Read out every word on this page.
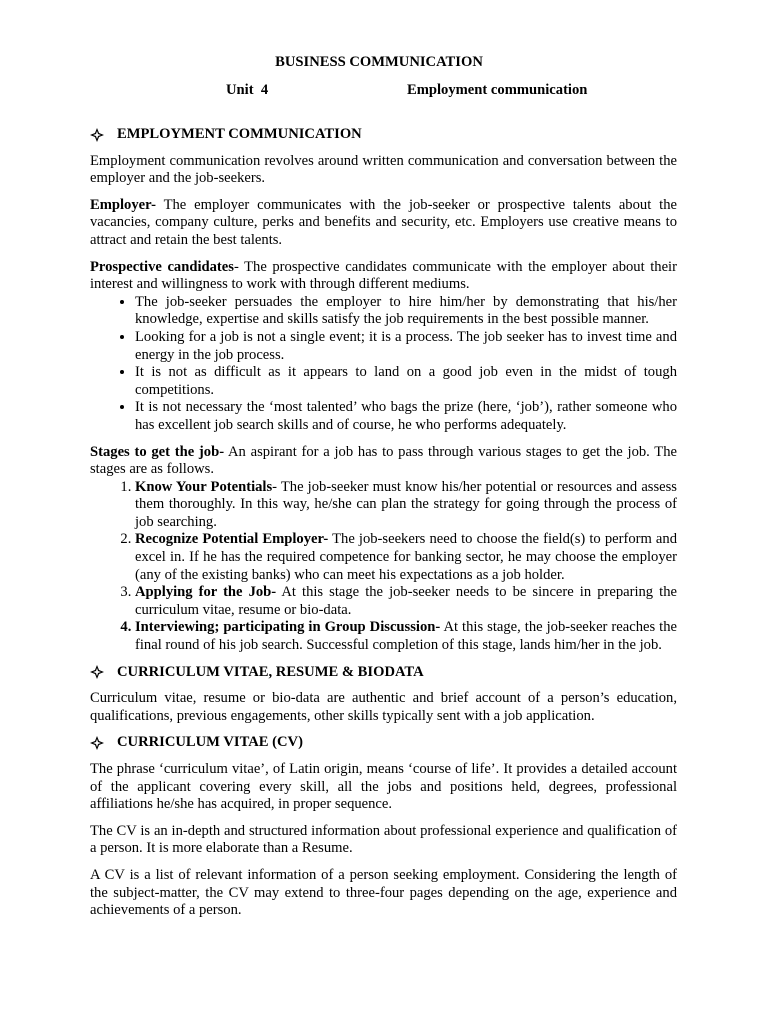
BUSINESS COMMUNICATION
Unit  4	Employment communication
EMPLOYMENT COMMUNICATION

Employment communication revolves around written communication and conversation between the employer and the job-seekers.

Employer- The employer communicates with the job-seeker or prospective talents about the vacancies, company culture, perks and benefits and security, etc. Employers use creative means to attract and retain the best talents.

Prospective candidates- The prospective candidates communicate with the employer about their interest and willingness to work with through different mediums.

• The job-seeker persuades the employer to hire him/her by demonstrating that his/her knowledge, expertise and skills satisfy the job requirements in the best possible manner.
• Looking for a job is not a single event; it is a process. The job seeker has to invest time and energy in the job process.
• It is not as difficult as it appears to land on a good job even in the midst of tough competitions.
• It is not necessary the ‘most talented’ who bags the prize (here, ‘job’), rather someone who has excellent job search skills and of course, he who performs adequately.

Stages to get the job- An aspirant for a job has to pass through various stages to get the job. The stages are as follows.

1. Know Your Potentials- The job-seeker must know his/her potential or resources and assess them thoroughly. In this way, he/she can plan the strategy for going through the process of job searching.
2. Recognize Potential Employer- The job-seekers need to choose the field(s) to perform and excel in. If he has the required competence for banking sector, he may choose the employer (any of the existing banks) who can meet his expectations as a job holder.
3. Applying for the Job- At this stage the job-seeker needs to be sincere in preparing the curriculum vitae, resume or bio-data.
4. Interviewing; participating in Group Discussion- At this stage, the job-seeker reaches the final round of his job search. Successful completion of this stage, lands him/her in the job.
CURRICULUM VITAE, RESUME & BIODATA

Curriculum vitae, resume or bio-data are authentic and brief account of a person’s education, qualifications, previous engagements, other skills typically sent with a job application.

CURRICULUM VITAE (CV)

The phrase ‘curriculum vitae’, of Latin origin, means ‘course of life’. It provides a detailed account of the applicant covering every skill, all the jobs and positions held, degrees, professional affiliations he/she has acquired, in proper sequence.

The CV is an in-depth and structured information about professional experience and qualification of a person. It is more elaborate than a Resume.

A CV is a list of relevant information of a person seeking employment. Considering the length of the subject-matter, the CV may extend to three-four pages depending on the age, experience and achievements of a person.
